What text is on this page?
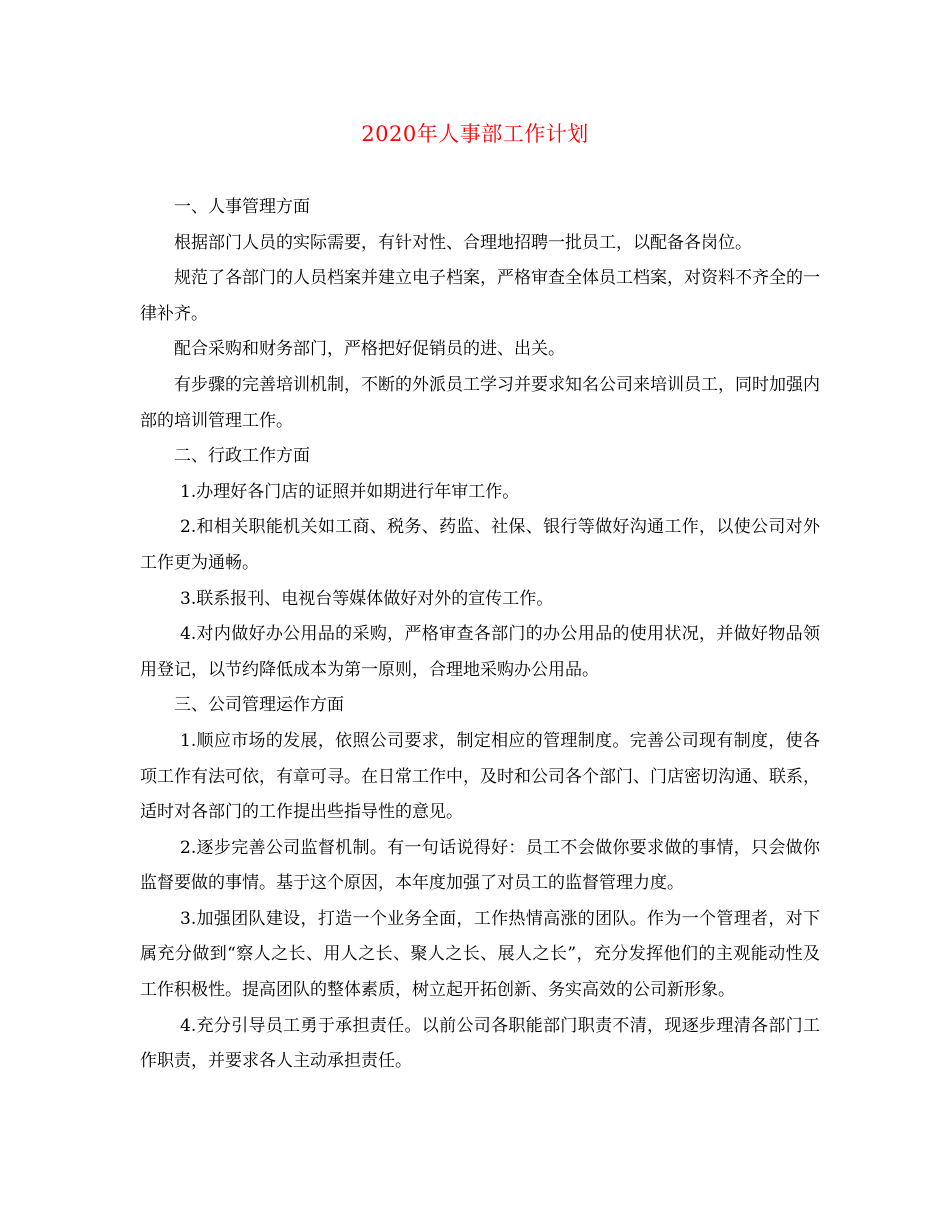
2020年人事部工作计划

一、人事管理方面

根据部门人员的实际需要，有针对性、合理地招聘一批员工，以配备各岗位。

规范了各部门的人员档案并建立电子档案，严格审查全体员工档案，对资料不齐全的一律补齐。

配合采购和财务部门，严格把好促销员的进、出关。

有步骤的完善培训机制，不断的外派员工学习并要求知名公司来培训员工，同时加强内部的培训管理工作。

二、行政工作方面

1.办理好各门店的证照并如期进行年审工作。

2.和相关职能机关如工商、税务、药监、社保、银行等做好沟通工作，以使公司对外工作更为通畅。

3.联系报刊、电视台等媒体做好对外的宣传工作。

4.对内做好办公用品的采购，严格审查各部门的办公用品的使用状况，并做好物品领用登记，以节约降低成本为第一原则，合理地采购办公用品。

三、公司管理运作方面

1.顺应市场的发展，依照公司要求，制定相应的管理制度。完善公司现有制度，使各项工作有法可依，有章可寻。在日常工作中，及时和公司各个部门、门店密切沟通、联系，适时对各部门的工作提出些指导性的意见。

2.逐步完善公司监督机制。有一句话说得好：员工不会做你要求做的事情，只会做你监督要做的事情。基于这个原因，本年度加强了对员工的监督管理力度。

3.加强团队建设，打造一个业务全面，工作热情高涨的团队。作为一个管理者，对下属充分做到“察人之长、用人之长、聚人之长、展人之长”，充分发挥他们的主观能动性及工作积极性。提高团队的整体素质，树立起开拓创新、务实高效的公司新形象。

4.充分引导员工勇于承担责任。以前公司各职能部门职责不清，现逐步理清各部门工作职责，并要求各人主动承担责任。
